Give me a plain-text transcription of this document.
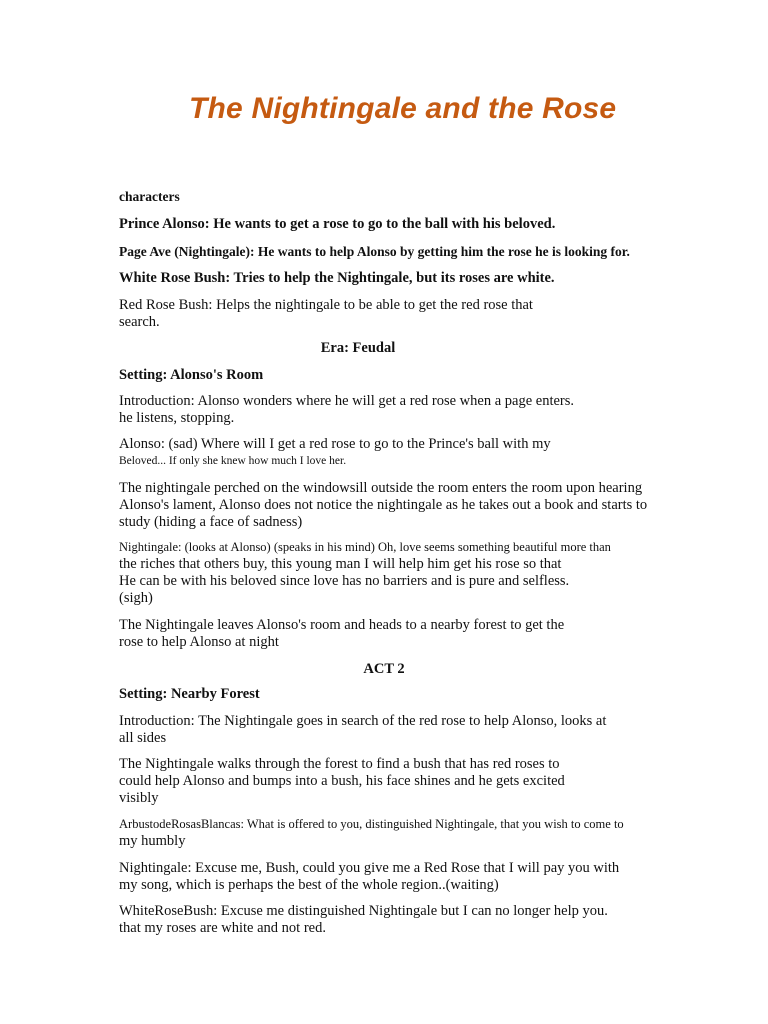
The Nightingale and the Rose

characters

Prince Alonso: He wants to get a rose to go to the ball with his beloved.

Page Ave (Nightingale): He wants to help Alonso by getting him the rose he is looking for.

White Rose Bush: Tries to help the Nightingale, but its roses are white.

Red Rose Bush: Helps the nightingale to be able to get the red rose that
search.

Era: Feudal

Setting: Alonso's Room

Introduction: Alonso wonders where he will get a red rose when a page enters.
he listens, stopping.

Alonso: (sad) Where will I get a red rose to go to the Prince's ball with my
Beloved... If only she knew how much I love her.

The nightingale perched on the windowsill outside the room enters the room upon hearing
Alonso's lament, Alonso does not notice the nightingale as he takes out a book and starts to
study (hiding a face of sadness)

Nightingale: (looks at Alonso) (speaks in his mind) Oh, love seems something beautiful more than
the riches that others buy, this young man I will help him get his rose so that
He can be with his beloved since love has no barriers and is pure and selfless.
(sigh)

The Nightingale leaves Alonso's room and heads to a nearby forest to get the
rose to help Alonso at night

ACT 2

Setting: Nearby Forest

Introduction: The Nightingale goes in search of the red rose to help Alonso, looks at
all sides

The Nightingale walks through the forest to find a bush that has red roses to
could help Alonso and bumps into a bush, his face shines and he gets excited
visibly

ArbustodeRosasBlancas: What is offered to you, distinguished Nightingale, that you wish to come to
my humbly

Nightingale: Excuse me, Bush, could you give me a Red Rose that I will pay you with
my song, which is perhaps the best of the whole region..(waiting)

WhiteRoseBush: Excuse me distinguished Nightingale but I can no longer help you.
that my roses are white and not red.
